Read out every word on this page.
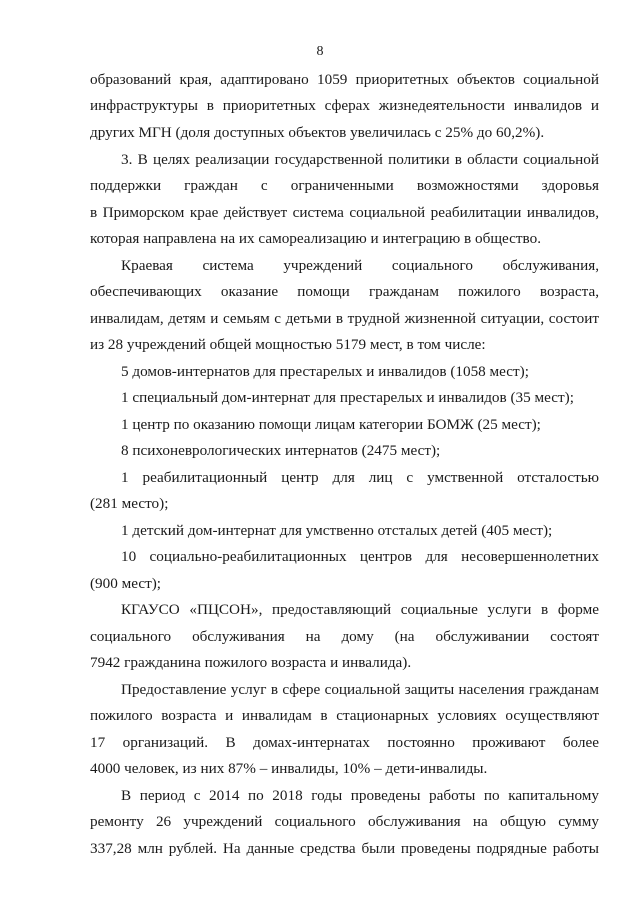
8
образований края, адаптировано 1059 приоритетных объектов социальной
инфраструктуры в приоритетных сферах жизнедеятельности инвалидов и
других МГН (доля доступных объектов увеличилась с 25% до 60,2%).
3. В целях реализации государственной политики в области социальной
поддержки граждан с ограниченными возможностями здоровья
в Приморском крае действует система социальной реабилитации инвалидов,
которая направлена на их самореализацию и интеграцию в общество.
Краевая система учреждений социального обслуживания,
обеспечивающих оказание помощи гражданам пожилого возраста,
инвалидам, детям и семьям с детьми в трудной жизненной ситуации, состоит
из 28 учреждений общей мощностью 5179 мест, в том числе:
5 домов-интернатов для престарелых и инвалидов (1058 мест);
1 специальный дом-интернат для престарелых и инвалидов (35 мест);
1 центр по оказанию помощи лицам категории БОМЖ (25 мест);
8 психоневрологических интернатов (2475 мест);
1 реабилитационный центр для лиц с умственной отсталостью
(281 место);
1 детский дом-интернат для умственно отсталых детей (405 мест);
10 социально-реабилитационных центров для несовершеннолетних
(900 мест);
КГАУСО «ПЦСОН», предоставляющий социальные услуги в форме
социального обслуживания на дому (на обслуживании состоят
7942 гражданина пожилого возраста и инвалида).
Предоставление услуг в сфере социальной защиты населения гражданам
пожилого возраста и инвалидам в стационарных условиях осуществляют
17 организаций. В домах-интернатах постоянно проживают более
4000 человек, из них 87% – инвалиды, 10% – дети-инвалиды.
В период с 2014 по 2018 годы проведены работы по капитальному
ремонту 26 учреждений социального обслуживания на общую сумму
337,28 млн рублей. На данные средства были проведены подрядные работы
